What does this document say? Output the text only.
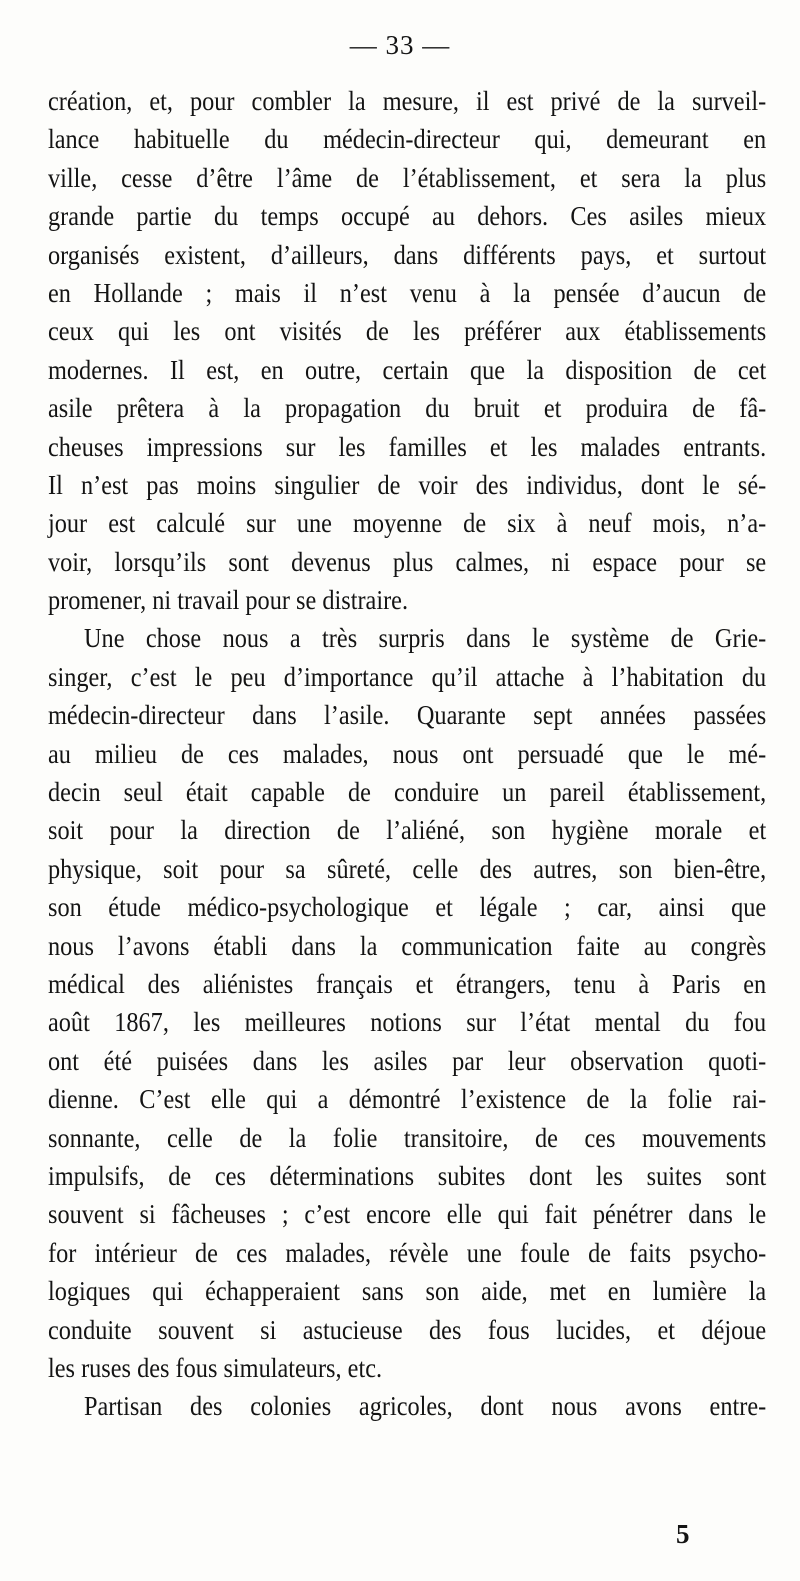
— 33 —
création, et, pour combler la mesure, il est privé de la surveil-
lance habituelle du médecin-directeur qui, demeurant en
ville, cesse d’être l’âme de l’établissement, et sera la plus
grande partie du temps occupé au dehors. Ces asiles mieux
organisés existent, d’ailleurs, dans différents pays, et surtout
en Hollande ; mais il n’est venu à la pensée d’aucun de
ceux qui les ont visités de les préférer aux établissements
modernes. Il est, en outre, certain que la disposition de cet
asile prêtera à la propagation du bruit et produira de fâ-
cheuses impressions sur les familles et les malades entrants.
Il n’est pas moins singulier de voir des individus, dont le sé-
jour est calculé sur une moyenne de six à neuf mois, n’a-
voir, lorsqu’ils sont devenus plus calmes, ni espace pour se
promener, ni travail pour se distraire.
Une chose nous a très surpris dans le système de Grie-
singer, c’est le peu d’importance qu’il attache à l’habitation du
médecin-directeur dans l’asile. Quarante sept années passées
au milieu de ces malades, nous ont persuadé que le mé-
decin seul était capable de conduire un pareil établissement,
soit pour la direction de l’aliéné, son hygiène morale et
physique, soit pour sa sûreté, celle des autres, son bien-être,
son étude médico-psychologique et légale ; car, ainsi que
nous l’avons établi dans la communication faite au congrès
médical des aliénistes français et étrangers, tenu à Paris en
août 1867, les meilleures notions sur l’état mental du fou
ont été puisées dans les asiles par leur observation quoti-
dienne. C’est elle qui a démontré l’existence de la folie rai-
sonnante, celle de la folie transitoire, de ces mouvements
impulsifs, de ces déterminations subites dont les suites sont
souvent si fâcheuses ; c’est encore elle qui fait pénétrer dans le
for intérieur de ces malades, révèle une foule de faits psycho-
logiques qui échapperaient sans son aide, met en lumière la
conduite souvent si astucieuse des fous lucides, et déjoue
les ruses des fous simulateurs, etc.
Partisan des colonies agricoles, dont nous avons entre-
5
